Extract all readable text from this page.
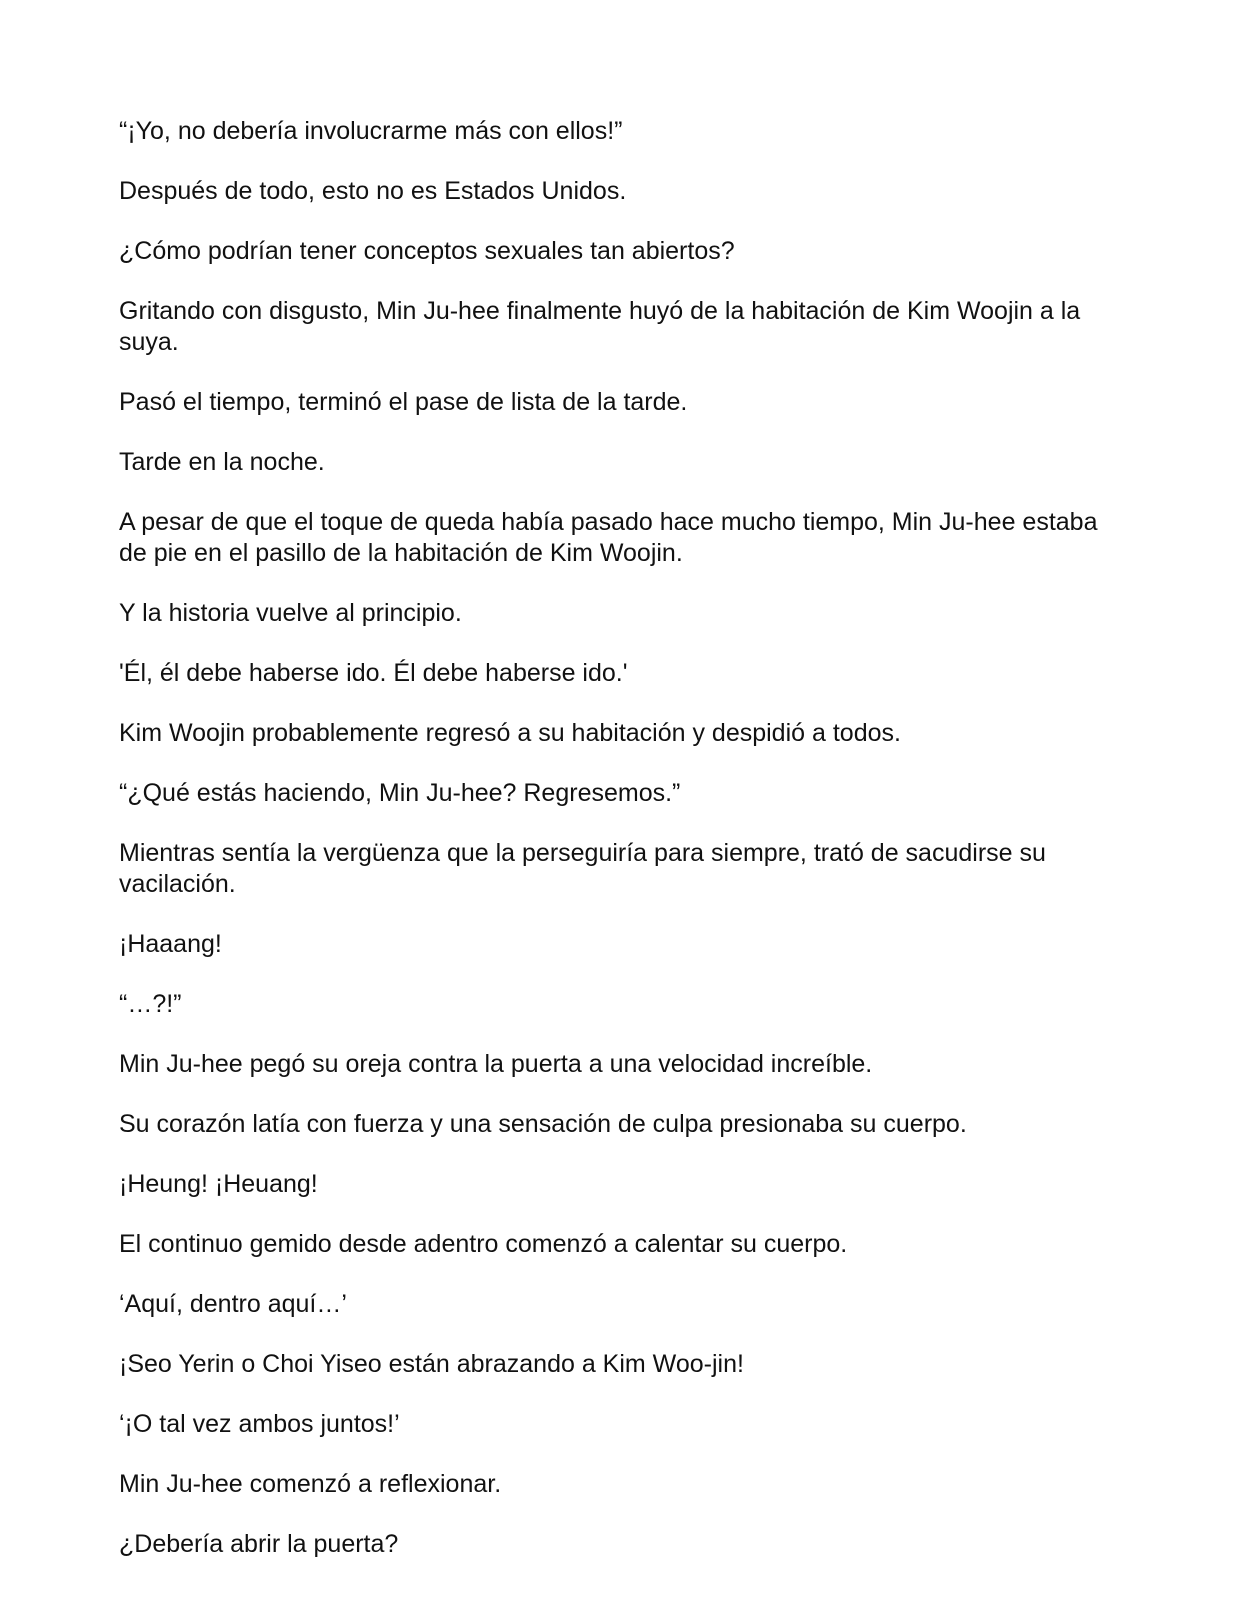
“¡Yo, no debería involucrarme más con ellos!”

Después de todo, esto no es Estados Unidos.

¿Cómo podrían tener conceptos sexuales tan abiertos?

Gritando con disgusto, Min Ju-hee finalmente huyó de la habitación de Kim Woojin a la suya.

Pasó el tiempo, terminó el pase de lista de la tarde.

Tarde en la noche.

A pesar de que el toque de queda había pasado hace mucho tiempo, Min Ju-hee estaba de pie en el pasillo de la habitación de Kim Woojin.

Y la historia vuelve al principio.

'Él, él debe haberse ido. Él debe haberse ido.'

Kim Woojin probablemente regresó a su habitación y despidió a todos.

“¿Qué estás haciendo, Min Ju-hee? Regresemos.”

Mientras sentía la vergüenza que la perseguiría para siempre, trató de sacudirse su vacilación.

¡Haaang!

“…?!”

Min Ju-hee pegó su oreja contra la puerta a una velocidad increíble.

Su corazón latía con fuerza y una sensación de culpa presionaba su cuerpo.

¡Heung! ¡Heuang!

El continuo gemido desde adentro comenzó a calentar su cuerpo.

‘Aquí, dentro aquí…’

¡Seo Yerin o Choi Yiseo están abrazando a Kim Woo-jin!

‘¡O tal vez ambos juntos!’

Min Ju-hee comenzó a reflexionar.

¿Debería abrir la puerta?
